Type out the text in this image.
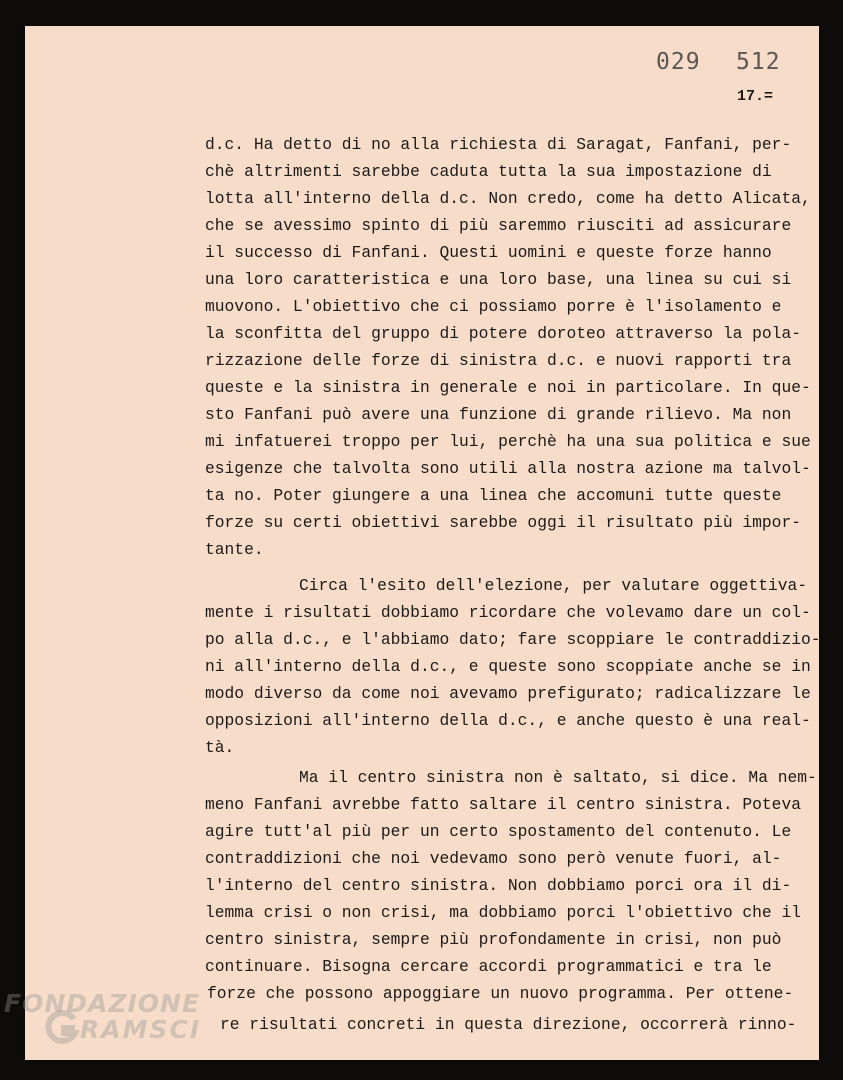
029 512
17.=
d.c. Ha detto di no alla richiesta di Saragat, Fanfani, per-
chè altrimenti sarebbe caduta tutta la sua impostazione di
lotta all'interno della d.c. Non credo, come ha detto Alicata,
che se avessimo spinto di più saremmo riusciti ad assicurare
il successo di Fanfani. Questi uomini e queste forze hanno
una loro caratteristica e una loro base, una linea su cui si
muovono. L'obiettivo che ci possiamo porre è l'isolamento e
la sconfitta del gruppo di potere doroteo attraverso la pola-
rizzazione delle forze di sinistra d.c. e nuovi rapporti tra
queste e la sinistra in generale e noi in particolare. In que-
sto Fanfani può avere una funzione di grande rilievo. Ma non
mi infatuerei troppo per lui, perchè ha una sua politica e sue
esigenze che talvolta sono utili alla nostra azione ma talvol-
ta no. Poter giungere a una linea che accomuni tutte queste
forze su certi obiettivi sarebbe oggi il risultato più impor-
tante.
Circa l'esito dell'elezione, per valutare oggettiva-
mente i risultati dobbiamo ricordare che volevamo dare un col-
po alla d.c., e l'abbiamo dato; fare scoppiare le contraddizio-
ni all'interno della d.c., e queste sono scoppiate anche se in
modo diverso da come noi avevamo prefigurato; radicalizzare le
opposizioni all'interno della d.c., e anche questo è una real-
tà.
Ma il centro sinistra non è saltato, si dice. Ma nem-
meno Fanfani avrebbe fatto saltare il centro sinistra. Poteva
agire tutt'al più per un certo spostamento del contenuto. Le
contraddizioni che noi vedevamo sono però venute fuori, al-
l'interno del centro sinistra. Non dobbiamo porci ora il di-
lemma crisi o non crisi, ma dobbiamo porci l'obiettivo che il
centro sinistra, sempre più profondamente in crisi, non può
continuare. Bisogna cercare accordi programmatici e tra le
forze che possono appoggiare un nuovo programma. Per ottene-
re risultati concreti in questa direzione, occorrerà rinno-
FONDAZIONE
RAMSCI
